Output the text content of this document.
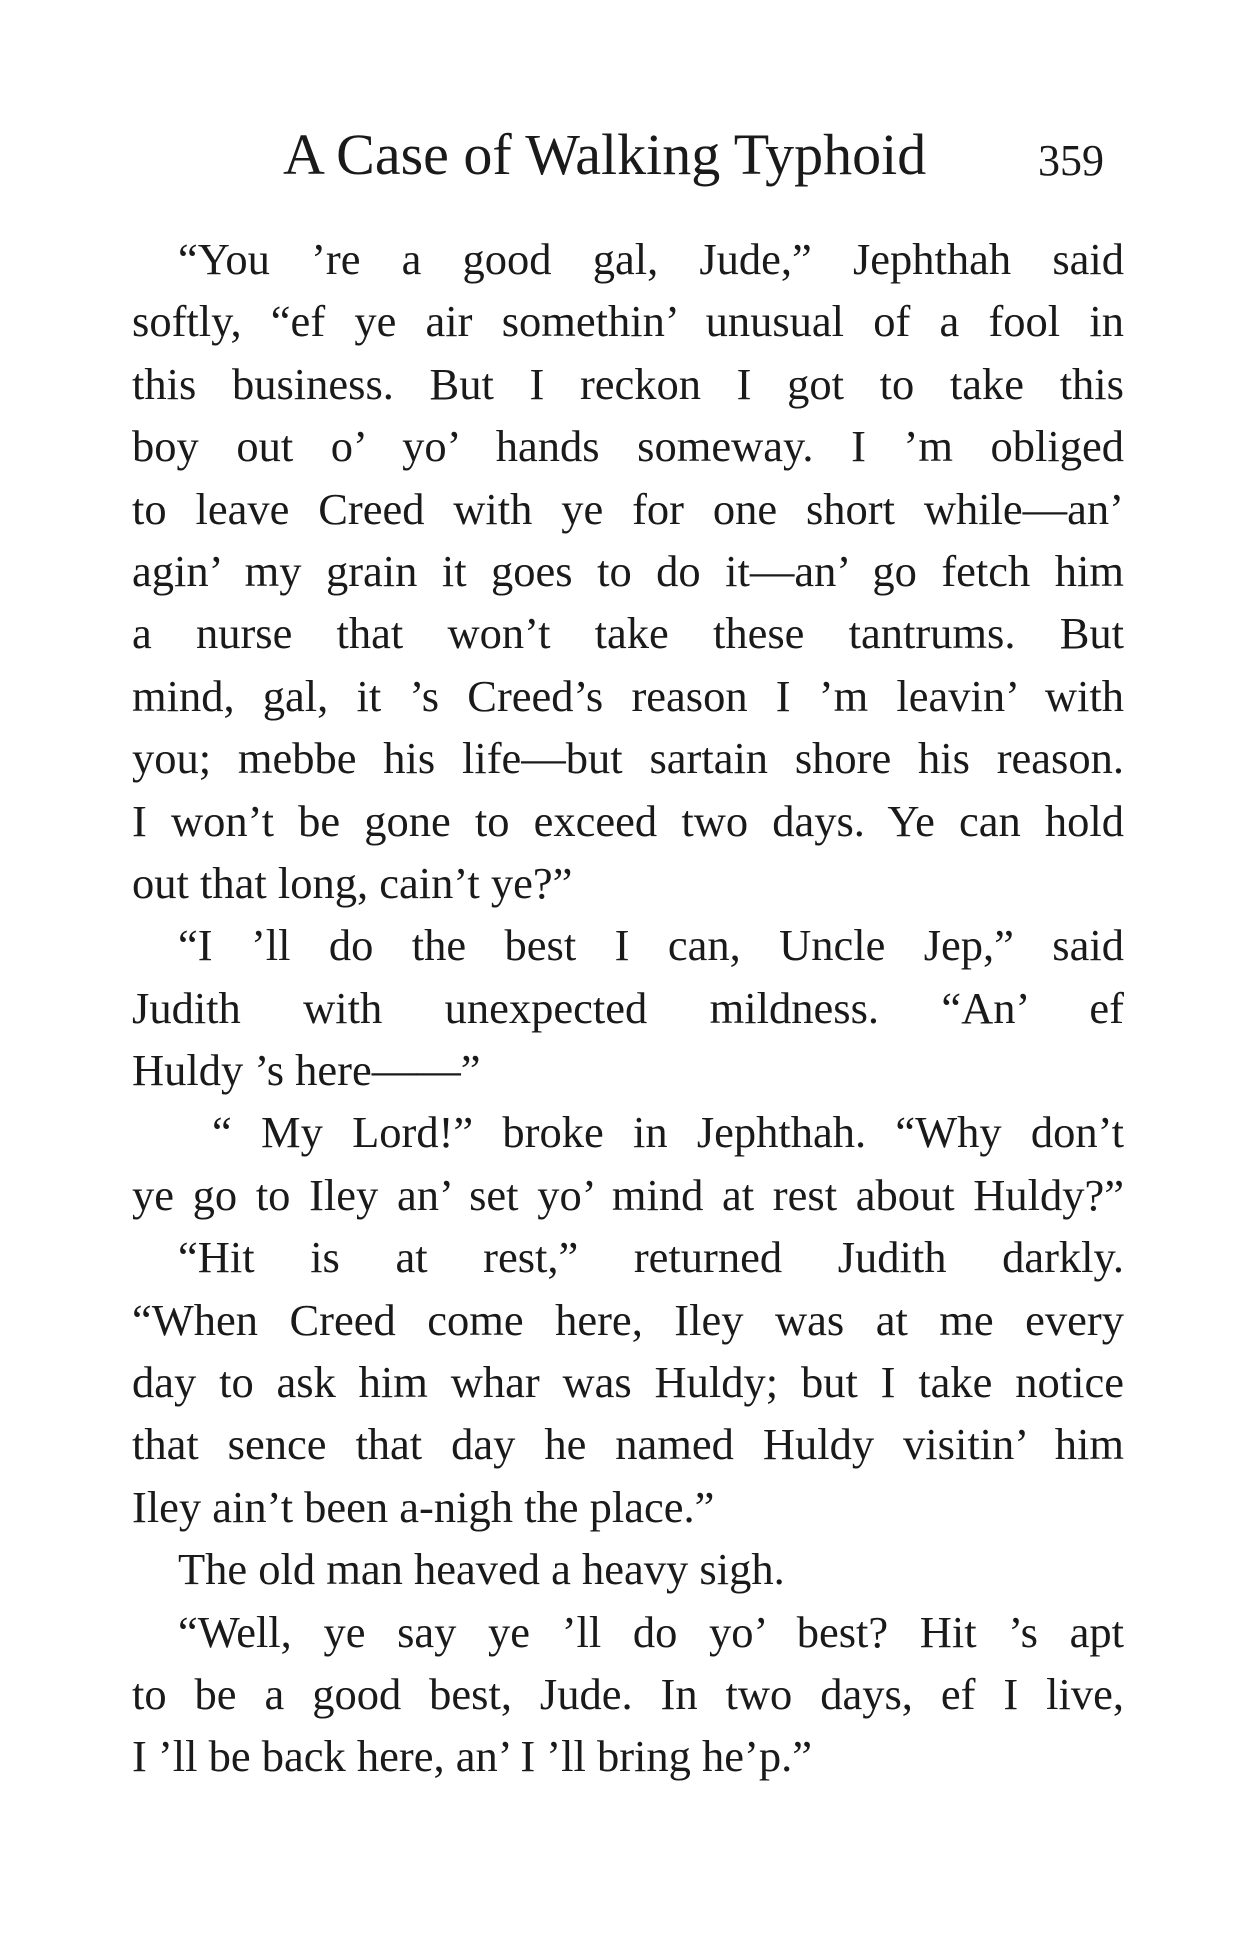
A Case of Walking Typhoid	359
“You ’re a good gal, Jude,” Jephthah said
softly, “ef ye air somethin’ unusual of a fool in
this business. But I reckon I got to take this
boy out o’ yo’ hands someway. I ’m obliged
to leave Creed with ye for one short while—an’
agin’ my grain it goes to do it—an’ go fetch him
a nurse that won’t take these tantrums. But
mind, gal, it ’s Creed’s reason I ’m leavin’ with
you; mebbe his life—but sartain shore his reason.
I won’t be gone to exceed two days. Ye can hold
out that long, cain’t ye?”
“I ’ll do the best I can, Uncle Jep,” said
Judith with unexpected mildness. “An’ ef
Huldy ’s here——”
“ My Lord!” broke in Jephthah. “Why don’t
ye go to Iley an’ set yo’ mind at rest about Huldy?”
“Hit is at rest,” returned Judith darkly.
“When Creed come here, Iley was at me every
day to ask him whar was Huldy; but I take notice
that sence that day he named Huldy visitin’ him
Iley ain’t been a-nigh the place.”
The old man heaved a heavy sigh.
“Well, ye say ye ’ll do yo’ best? Hit ’s apt
to be a good best, Jude. In two days, ef I live,
I ’ll be back here, an’ I ’ll bring he’p.”
